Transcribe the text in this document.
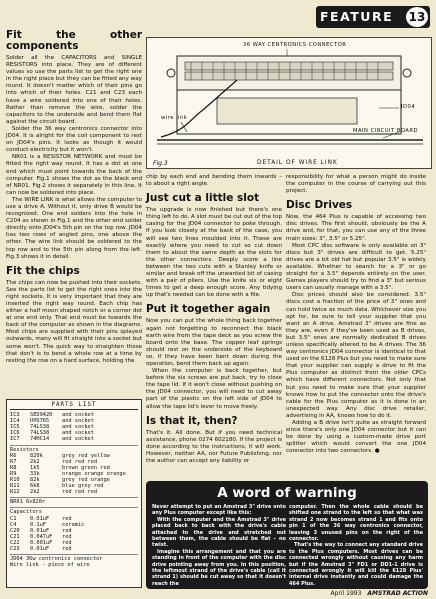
FEATURE 13
Fit the other components

Solder all the CAPACITORS and SINGLE RESISTORS into place. They are of different values so use the parts list to get the right one in the right place but they can be fitted any way round. It doesn't matter which of their pins go into which of their holes. C21 and C23 each have a wire soldered into one of their holes. Rather than remove the wire, solder the capacitors to the underside and bend them flat against the circuit board.

Solder the 36 way centronics connector into JD04. It is alright for the coil component to rest on JD04's pins. It looks as though it would conduct electricity but it won't.

NR01 is a RESISTOR NETWORK and must be fitted the right way round. It has a dot at one end which must point towards the back of the computer. Fig.1 shows the dot as the black end of NR01. Fig.2 shows it separately in this line. It can now be soldered into place.

The WIRE LINK is what allows the computer to use a drive A. Without it, only drive B would be recognized. One end solders into the hole in C204 as shown in Fig.1 and the other end solder directly onto JD04's 5th pin on the top row. JD04 has two rows of angled pins, one above the other. The wire link should be soldered to the top row and to the 5th pin along from the left. Fig.3 shows it in detail.

Fit the chips

The chips can now be pushed into their sockets. See the parts list to get the right ones into the right sockets. It is very important that they are inserted the right way round. Each chip has either a half moon shaped notch or a corner dot at one end only. That end must be towards the back of the computer as shown in the diagrams. Most chips are supplied with their pins splayed outwards, many will fit straight into a socket but some won't. The quick way to straighten those that don't is to bend a whole row at a time by resting the row on a hard surface, holding the

36 WAY CENTRONICS CONNECTOR
JD04
wire link
MAIN CIRCUIT BOARD
Fig.3	DETAIL OF WIRE LINK

chip by each end and bending them inwards – to about a right angle.

Just cut a little slot

The upgrade is now finished but there's one thing left to do. A slot must be cut out of the top casing for the JD04 connector to poke through. If you look closely at the back of the case, you will see two lines moulded into it. These are exactly where you need to cut so cut down them to about the same depth as the slots for the other connectors. Deeply score a line between the two cuts with a Stanley knife or similar and break off the unwanted bit of casing with a pair of pliers. Use the knife six or eight times to get a deep enough score. Any tidying up that's needed can be done with a file.

Put it together again

Now you can put the whole thing back together again not forgetting to reconnect the black earth wire from the tape deck as you screw the board onto the base. The copper leaf springs should rest on the underside of the keyboard so, if they have been bent down during the operation, bend them back up again.

When the computer is back together, but before the six screws are put back, try to close the tape lid. If it won't close without pushing on the JD04 connector, you will need to cut away part of the plastic on the left side of JD04 to allow the tape lid's lever to move freely.

Is that it, then?

That's it. All done. But if you need technical assistance, phone 0274 602180. If the project is done according to the instructions, it will work. However, neither AA, nor Future Publishing, nor the author can accept any liability or

responsibility for what a person might do inside the computer in the course of carrying out this project.

Disc Drives

Now, the 464 Plus is capable of accessing two disc drives. The first should, obviously be the A drive and, for that, you can use any of the three main sizes: 3", 3.5" or 5.25".

Most CPC disc software is only available on 3" discs but 3" drives are difficult to get. 5.25" drives are a bit old hat but popular 3.5" is widely available. Whether to search for a 3" or go straight for a 3.5" depends entirely on the user. Games players should try to find a 3" but serious users can usually manage with a 3.5".

Disc prices should also be considered. 3.5" discs cost a fraction of the price of 3" ones and can hold twice as much data. Whichever size you opt for, be sure to tell your supplier that you want an A drive. Amstrad 3" drives are fine as they are, even if they've been used as B drives, but 3.5" ones are normally dedicated B drives unless specifically altered to be A drives. The 36 way centronics JD04 connector is identical to that used on the 6128 Plus but you need to make sure that your supplier can supply a drive to fit the Plus computer as distinct from the older CPCs which have different connectors. Not only that but you need to make sure that your supplier knows how to put the connector onto the drive's cable for the Plus computer as it is done in an unexpected way. Any disc drive retailer, advertising in AA, knows how to do it.

Adding a B drive isn't quite as straight forward since there's only one JD04 connector but it can be done by using a custom-made drive port splitter which would convert the one JD04 connector into two connectors. ●

PARTS LIST
IC3	SED9420	and socket
IC4	UPD765	and socket
IC5	74LS38	and socket
IC6	74LS38	and socket
IC7	74HC14	and socket
Resistors
R6	820k	grey red yellow
R7	2k2	red red red
R8	1k5	brown green red
R9	33k	orange orange orange
R10	82k	grey red orange
R11	6k8	blue grey red
R12	2k2	red red red
NR01 6x820r
Capacitors
C1	0.01uF	red
C4	0.1uF	ceramic
C20	0.01uF	red
C21	0.047uF	red
C22	0.001uF	red
C23	0.01uF	red
JD04 36w centronics connector
Wire link - piece of wire
A word of warning

Never attempt to put an Amstrad 3" drive onto any Plus computer except like this:

With the computer and the Amstrad 3" drive placed back to back with the drive's cable attached to the drive and stretched out between them, the cable should be flat – no twist.

Imagine this arrangement and that you are standing in front of the computer with the disc drive pointing away from you. In this position, the leftmost strand of the drive's cable (call it strand 1) should be cut away so that it doesn't reach the

computer. Then the whole cable should be shifted one strand to the left so that what was strand 2 now becomes strand 1 and fits onto pin 1 of the 36 way centronics connector, leaving 3 unused pins on the right of the connector.

That's the way to connect any standard drive to the Plus computers. Most drives can be connected wrongly without causing any harm but if the Amstrad 3" FD1 or DD1-1 drive is connected wrongly it will kill the 6128 Plus' internal drive instantly and could damage the 464 Plus.

April 1993 AMSTRAD ACTION
